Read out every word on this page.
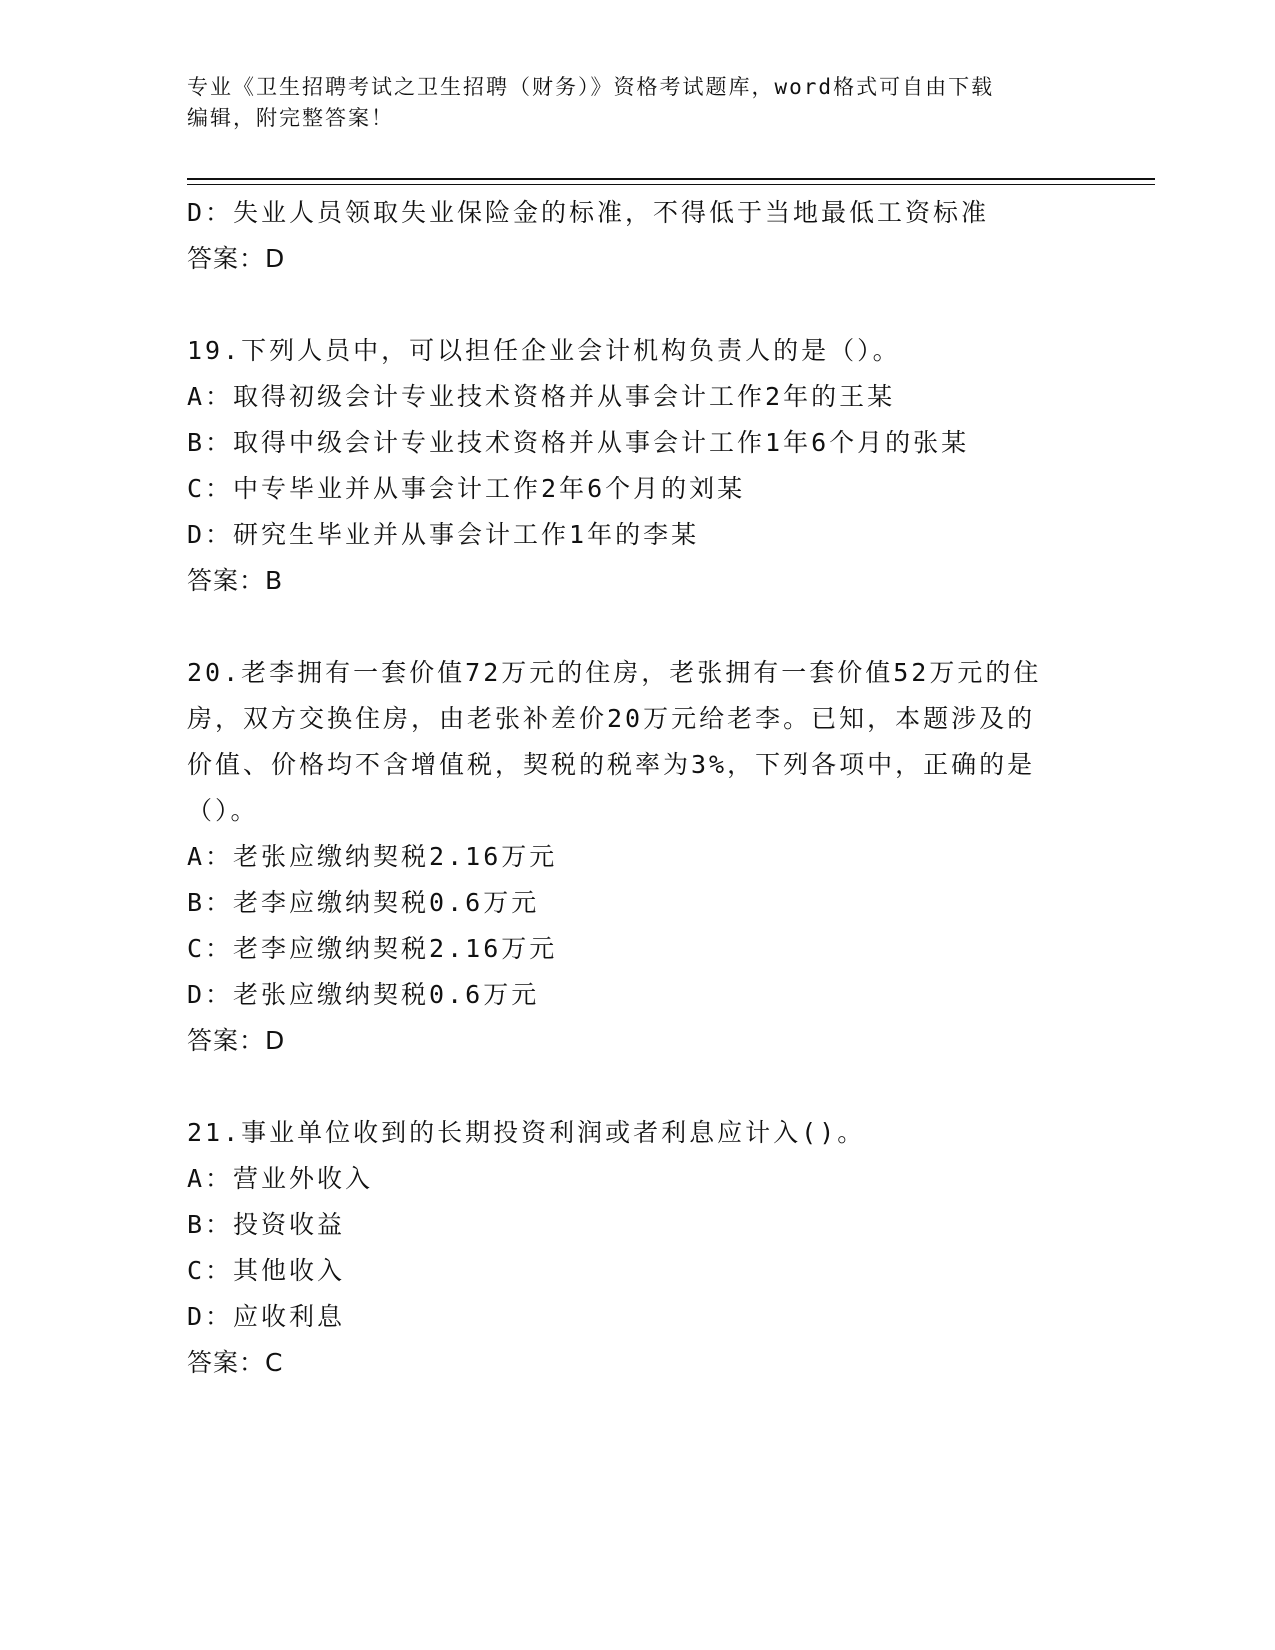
专业《卫生招聘考试之卫生招聘（财务）》资格考试题库，word格式可自由下载

编辑，附完整答案！

D：失业人员领取失业保险金的标准，不得低于当地最低工资标准

答案：D

19.下列人员中，可以担任企业会计机构负责人的是（）。

A：取得初级会计专业技术资格并从事会计工作2年的王某

B：取得中级会计专业技术资格并从事会计工作1年6个月的张某

C：中专毕业并从事会计工作2年6个月的刘某

D：研究生毕业并从事会计工作1年的李某

答案：B

20.老李拥有一套价值72万元的住房，老张拥有一套价值52万元的住

房，双方交换住房，由老张补差价20万元给老李。已知，本题涉及的

价值、价格均不含增值税，契税的税率为3%，下列各项中，正确的是

（）。

A：老张应缴纳契税2.16万元

B：老李应缴纳契税0.6万元

C：老李应缴纳契税2.16万元

D：老张应缴纳契税0.6万元

答案：D

21.事业单位收到的长期投资利润或者利息应计入()。

A：营业外收入

B：投资收益

C：其他收入

D：应收利息

答案：C
